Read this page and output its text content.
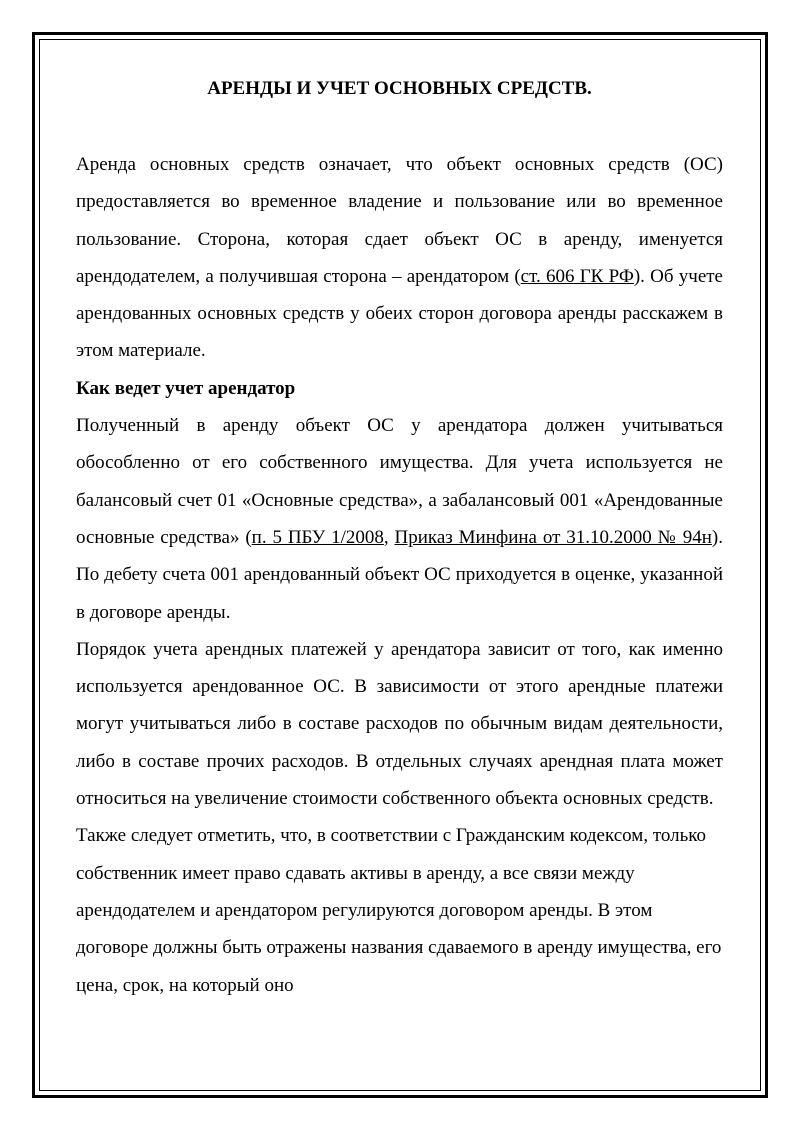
АРЕНДЫ И УЧЕТ ОСНОВНЫХ СРЕДСТВ.

Аренда основных средств означает, что объект основных средств (ОС) предоставляется во временное владение и пользование или во временное пользование. Сторона, которая сдает объект ОС в аренду, именуется арендодателем, а получившая сторона – арендатором (ст. 606 ГК РФ). Об учете арендованных основных средств у обеих сторон договора аренды расскажем в этом материале.

Как ведет учет арендатор

Полученный в аренду объект ОС у арендатора должен учитываться обособленно от его собственного имущества. Для учета используется не балансовый счет 01 «Основные средства», а забалансовый 001 «Арендованные основные средства» (п. 5 ПБУ 1/2008, Приказ Минфина от 31.10.2000 № 94н). По дебету счета 001 арендованный объект ОС приходуется в оценке, указанной в договоре аренды.

Порядок учета арендных платежей у арендатора зависит от того, как именно используется арендованное ОС. В зависимости от этого арендные платежи могут учитываться либо в составе расходов по обычным видам деятельности, либо в составе прочих расходов. В отдельных случаях арендная плата может относиться на увеличение стоимости собственного объекта основных средств.

Также следует отметить, что, в соответствии с Гражданским кодексом, только собственник имеет право сдавать активы в аренду, а все связи между арендодателем и арендатором регулируются договором аренды. В этом договоре должны быть отражены названия сдаваемого в аренду имущества, его цена, срок, на который оно
